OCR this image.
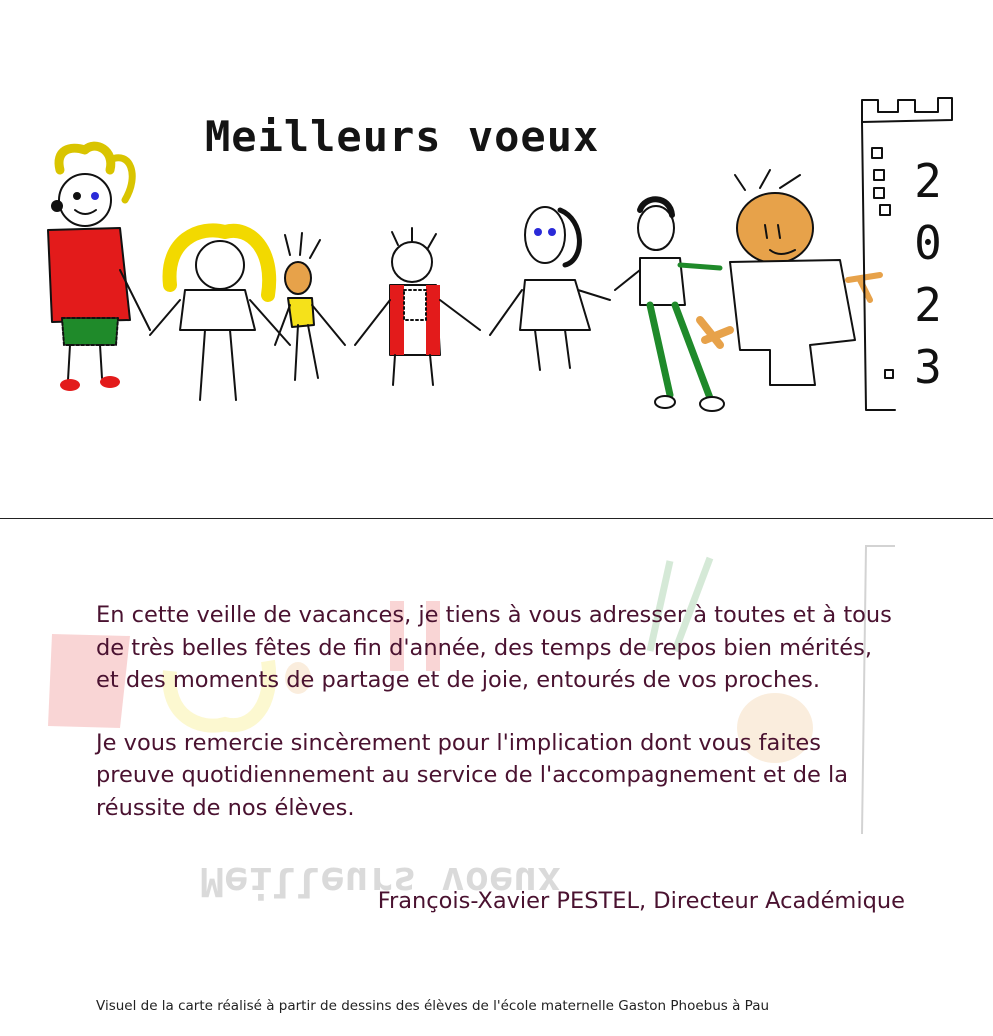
Meilleurs voeux
2
0
2
3
Meilleurs voeux

En cette veille de vacances, je tiens à vous adresser à toutes et à tous de très belles fêtes de fin d'année, des temps de repos bien mérités, et des moments de partage et de joie, entourés de vos proches.

Je vous remercie sincèrement pour l'implication dont vous faites preuve quotidiennement au service de l'accompagnement et de la réussite de nos élèves.

François-Xavier PESTEL, Directeur Académique
Visuel de la carte réalisé à partir de dessins des élèves de l'école maternelle Gaston Phoebus à Pau
